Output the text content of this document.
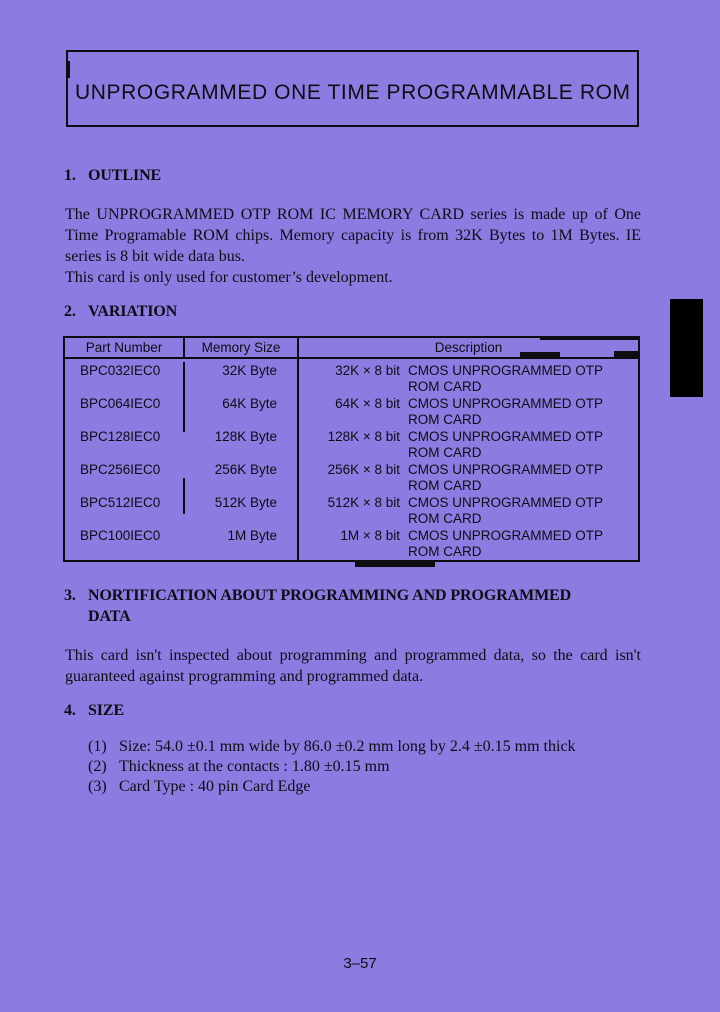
UNPROGRAMMED ONE TIME PROGRAMMABLE ROM
1. OUTLINE
The UNPROGRAMMED OTP ROM IC MEMORY CARD series is made up of One
Time Programable ROM chips. Memory capacity is from 32K Bytes to 1M Bytes. IE
series is 8 bit wide data bus.
This card is only used for customer’s development.
2. VARIATION
Part Number	Memory Size	Description
BPC032IEC0	32K Byte	32K × 8 bit CMOS UNPROGRAMMED OTP
ROM CARD
BPC064IEC0	64K Byte	64K × 8 bit CMOS UNPROGRAMMED OTP
ROM CARD
BPC128IEC0	128K Byte	128K × 8 bit CMOS UNPROGRAMMED OTP
ROM CARD
BPC256IEC0	256K Byte	256K × 8 bit CMOS UNPROGRAMMED OTP
ROM CARD
BPC512IEC0	512K Byte	512K × 8 bit CMOS UNPROGRAMMED OTP
ROM CARD
BPC100IEC0	1M Byte	1M × 8 bit CMOS UNPROGRAMMED OTP
ROM CARD
3. NORTIFICATION ABOUT PROGRAMMING AND PROGRAMMED
DATA
This card isn't inspected about programming and programmed data, so the card isn't
guaranteed against programming and programmed data.
4. SIZE
(1) Size: 54.0 ±0.1 mm wide by 86.0 ±0.2 mm long by 2.4 ±0.15 mm thick
(2) Thickness at the contacts : 1.80 ±0.15 mm
(3) Card Type : 40 pin Card Edge
3–57
